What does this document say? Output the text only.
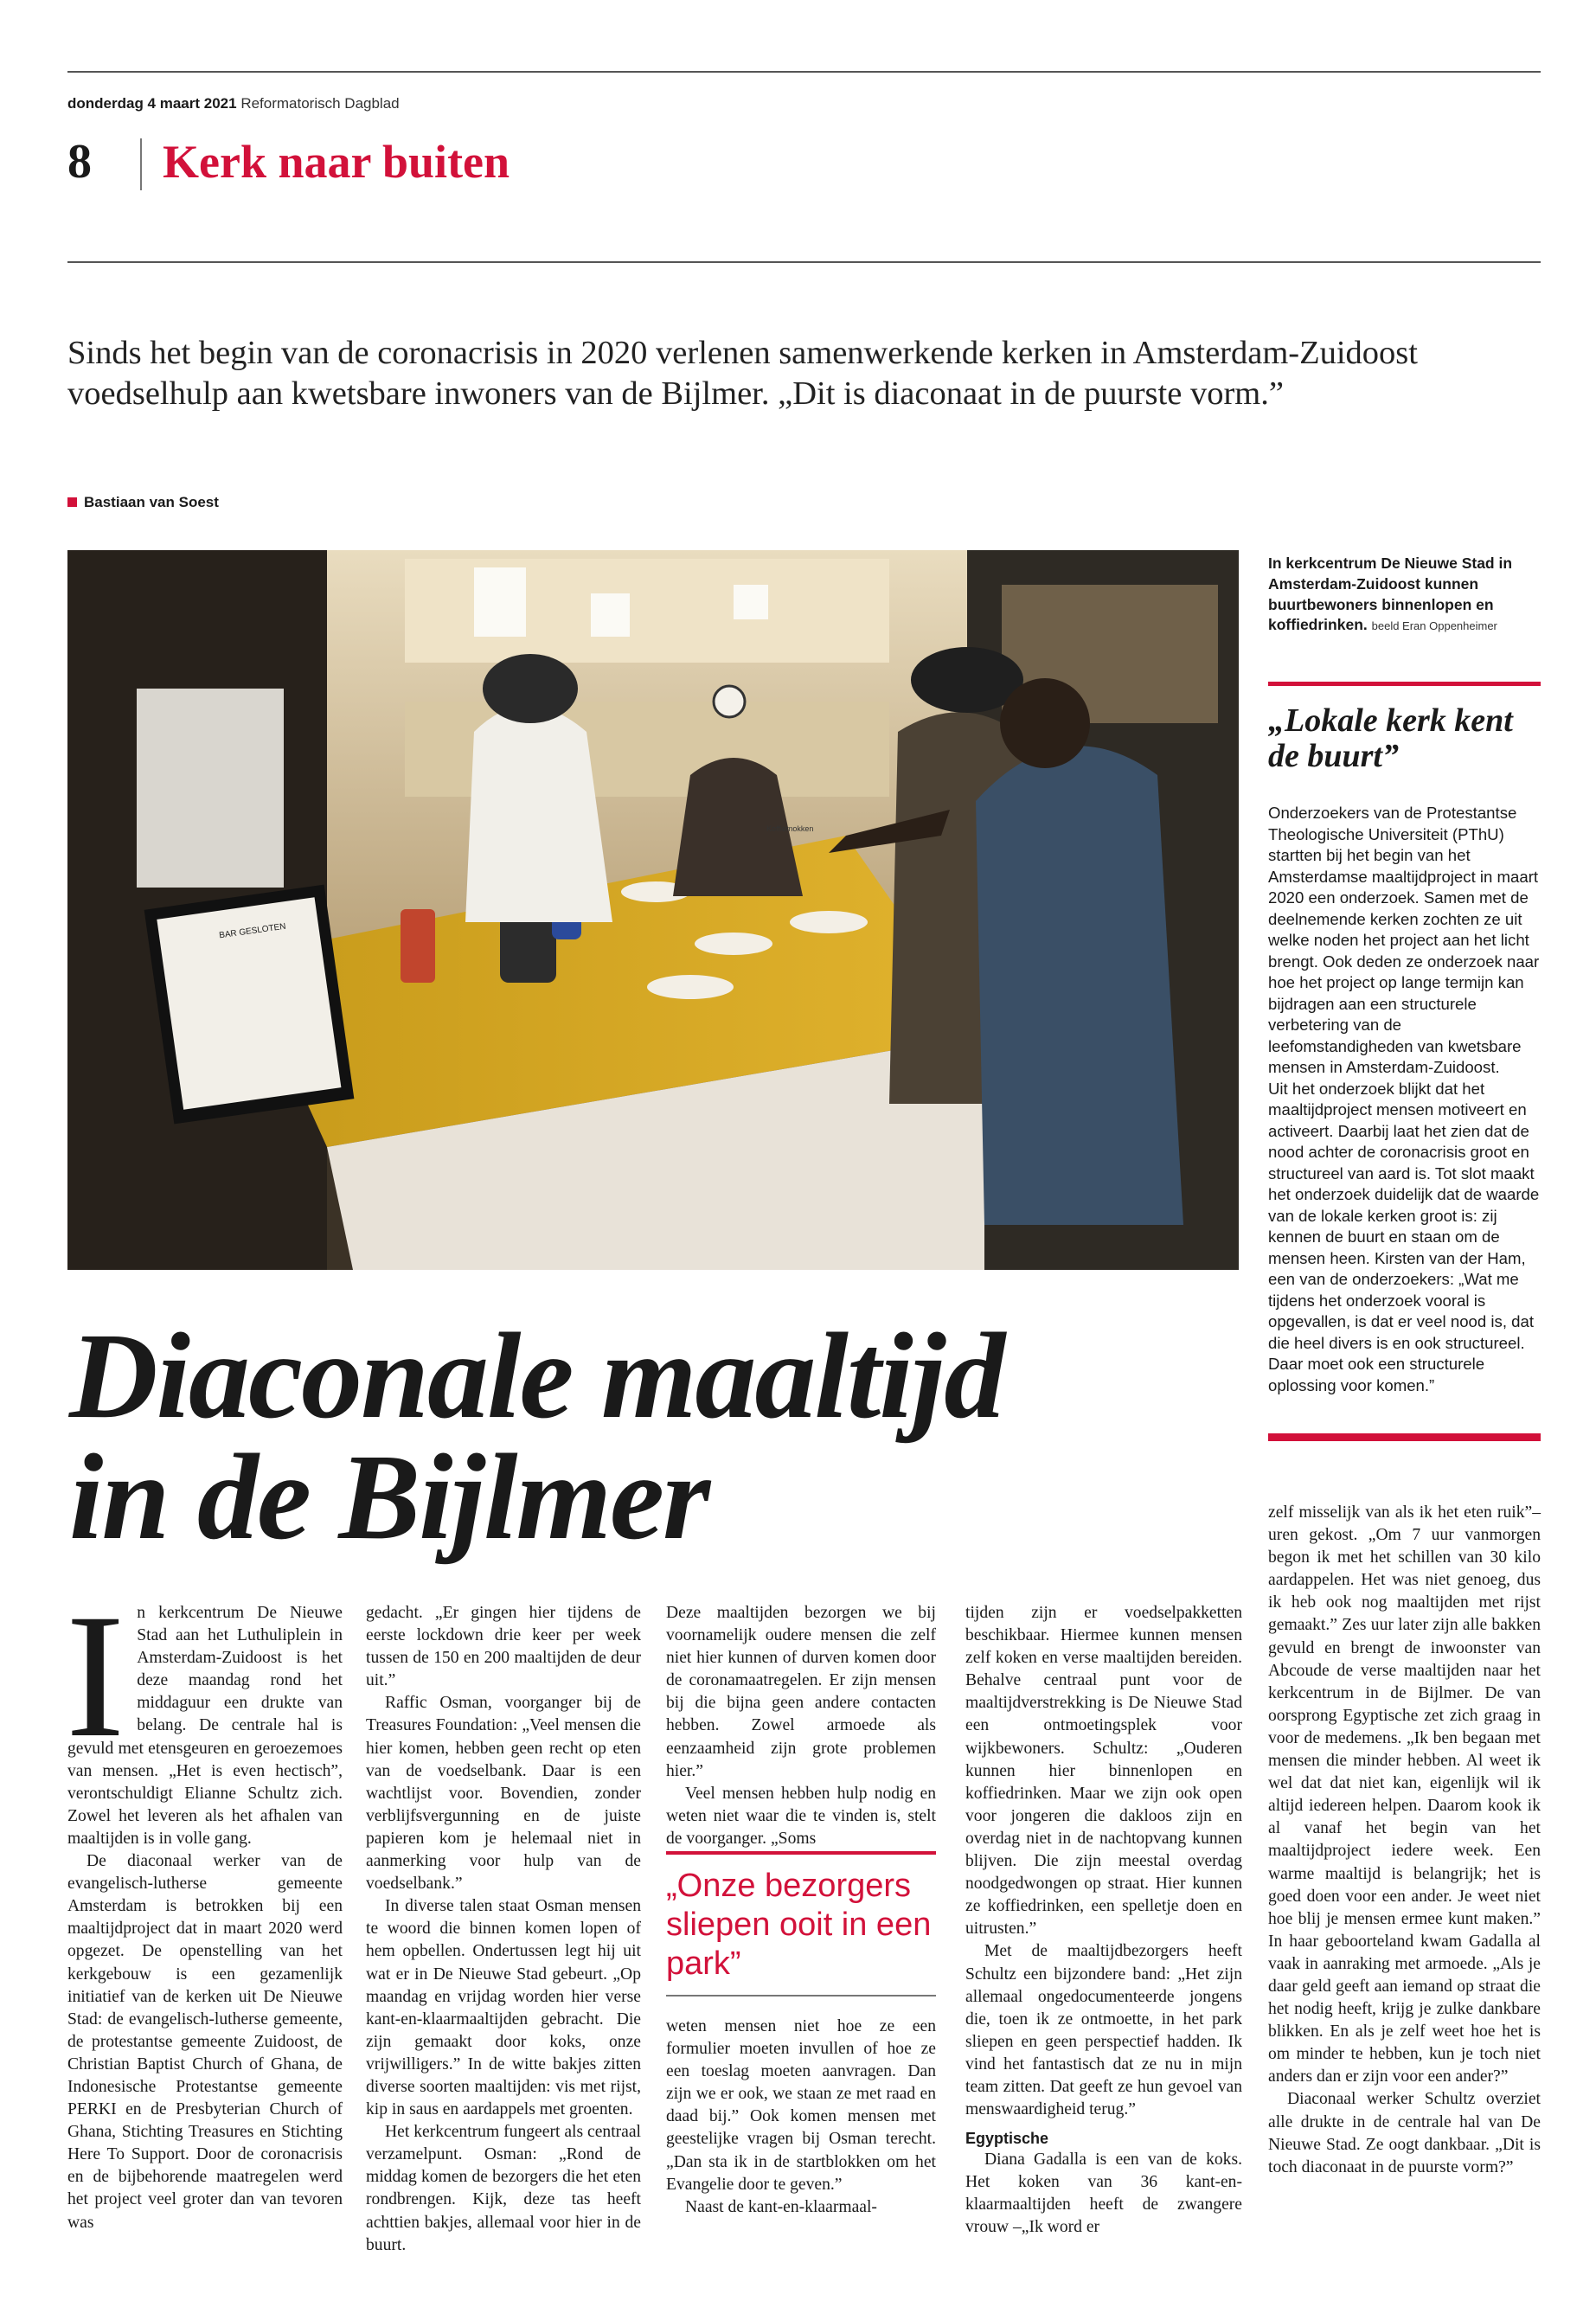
donderdag 4 maart 2021 Reformatorisch Dagblad
8 Kerk naar buiten
Sinds het begin van de coronacrisis in 2020 verlenen samenwerkende kerken in Amsterdam-Zuidoost voedselhulp aan kwetsbare inwoners van de Bijlmer. „Dit is diaconaat in de puurste vorm.”
Bastiaan van Soest
BAR GESLOTEN
Koffiemokken
In kerkcentrum De Nieuwe Stad in Amsterdam-Zuidoost kunnen buurtbewoners binnenlopen en koffiedrinken. beeld Eran Oppenheimer
„Lokale kerk kent de buurt”

Onderzoekers van de Protestantse Theologische Universiteit (PThU) startten bij het begin van het Amsterdamse maaltijdproject in maart 2020 een onderzoek. Samen met de deelnemende kerken zochten ze uit welke noden het project aan het licht brengt. Ook deden ze onderzoek naar hoe het project op lange termijn kan bijdragen aan een structurele verbetering van de leefomstandigheden van kwetsbare mensen in Amsterdam-Zuidoost.

Uit het onderzoek blijkt dat het maaltijdproject mensen motiveert en activeert. Daarbij laat het zien dat de nood achter de coronacrisis groot en structureel van aard is. Tot slot maakt het onderzoek duidelijk dat de waarde van de lokale kerken groot is: zij kennen de buurt en staan om de mensen heen. Kirsten van der Ham, een van de onderzoekers: „Wat me tijdens het onderzoek vooral is opgevallen, is dat er veel nood is, dat die heel divers is en ook structureel. Daar moet ook een structurele oplossing voor komen.”

Diaconale maaltijd
in de Bijlmer
I n kerkcentrum De Nieuwe Stad aan het Luthuliplein in Amsterdam-Zuidoost is het deze maandag rond het middaguur een drukte van belang. De centrale hal is gevuld met etensgeuren en geroezemoes van mensen. „Het is even hectisch”, verontschuldigt Elianne Schultz zich. Zowel het leveren als het afhalen van maaltijden is in volle gang.

De diaconaal werker van de evangelisch-lutherse gemeente Amsterdam is betrokken bij een maaltijdproject dat in maart 2020 werd opgezet. De openstelling van het kerkgebouw is een gezamenlijk initiatief van de kerken uit De Nieuwe Stad: de evangelisch-lutherse gemeente, de protestantse gemeente Zuidoost, de Christian Baptist Church of Ghana, de Indonesische Protestantse gemeente PERKI en de Presbyterian Church of Ghana, Stichting Treasures en Stichting Here To Support. Door de coronacrisis en de bijbehorende maatregelen werd het project veel groter dan van tevoren was

gedacht. „Er gingen hier tijdens de eerste lockdown drie keer per week tussen de 150 en 200 maaltijden de deur uit.”

Raffic Osman, voorganger bij de Treasures Foundation: „Veel mensen die hier komen, hebben geen recht op eten van de voedselbank. Daar is een wachtlijst voor. Bovendien, zonder verblijfsvergunning en de juiste papieren kom je helemaal niet in aanmerking voor hulp van de voedselbank.”

In diverse talen staat Osman mensen te woord die binnen komen lopen of hem opbellen. Ondertussen legt hij uit wat er in De Nieuwe Stad gebeurt. „Op maandag en vrijdag worden hier verse kant-en-klaarmaaltijden gebracht. Die zijn gemaakt door koks, onze vrijwilligers.” In de witte bakjes zitten diverse soorten maaltijden: vis met rijst, kip in saus en aardappels met groenten.

Het kerkcentrum fungeert als centraal verzamelpunt. Osman: „Rond de middag komen de bezorgers die het eten rondbrengen. Kijk, deze tas heeft achttien bakjes, allemaal voor hier in de buurt.

Deze maaltijden bezorgen we bij voornamelijk oudere mensen die zelf niet hier kunnen of durven komen door de coronamaatregelen. Er zijn mensen bij die bijna geen andere contacten hebben. Zowel armoede als eenzaamheid zijn grote problemen hier.”

Veel mensen hebben hulp nodig en weten niet waar die te vinden is, stelt de voorganger. „Soms

„Onze bezorgers sliepen ooit in een park”

weten mensen niet hoe ze een formulier moeten invullen of hoe ze een toeslag moeten aanvragen. Dan zijn we er ook, we staan ze met raad en daad bij.” Ook komen mensen met geestelijke vragen bij Osman terecht. „Dan sta ik in de startblokken om het Evangelie door te geven.”

Naast de kant-en-klaarmaal-

tijden zijn er voedselpakketten beschikbaar. Hiermee kunnen mensen zelf koken en verse maaltijden bereiden. Behalve centraal punt voor de maaltijdverstrekking is De Nieuwe Stad een ontmoetingsplek voor wijkbewoners. Schultz: „Ouderen kunnen hier binnenlopen en koffiedrinken. Maar we zijn ook open voor jongeren die dakloos zijn en overdag niet in de nachtopvang kunnen blijven. Die zijn meestal overdag noodgedwongen op straat. Hier kunnen ze koffiedrinken, een spelletje doen en uitrusten.”

Met de maaltijdbezorgers heeft Schultz een bijzondere band: „Het zijn allemaal ongedocumenteerde jongens die, toen ik ze ontmoette, in het park sliepen en geen perspectief hadden. Ik vind het fantastisch dat ze nu in mijn team zitten. Dat geeft ze hun gevoel van menswaardigheid terug.”

Egyptische

Diana Gadalla is een van de koks. Het koken van 36 kant-en-klaarmaaltijden heeft de zwangere vrouw –„Ik word er

zelf misselijk van als ik het eten ruik”– uren gekost. „Om 7 uur vanmorgen begon ik met het schillen van 30 kilo aardappelen. Het was niet genoeg, dus ik heb ook nog maaltijden met rijst gemaakt.” Zes uur later zijn alle bakken gevuld en brengt de inwoonster van Abcoude de verse maaltijden naar het kerkcentrum in de Bijlmer. De van oorsprong Egyptische zet zich graag in voor de medemens. „Ik ben begaan met mensen die minder hebben. Al weet ik wel dat dat niet kan, eigenlijk wil ik altijd iedereen helpen. Daarom kook ik al vanaf het begin van het maaltijdproject iedere week. Een warme maaltijd is belangrijk; het is goed doen voor een ander. Je weet niet hoe blij je mensen ermee kunt maken.” In haar geboorteland kwam Gadalla al vaak in aanraking met armoede. „Als je daar geld geeft aan iemand op straat die het nodig heeft, krijg je zulke dankbare blikken. En als je zelf weet hoe het is om minder te hebben, kun je toch niet anders dan er zijn voor een ander?”

Diaconaal werker Schultz overziet alle drukte in de centrale hal van De Nieuwe Stad. Ze oogt dankbaar. „Dit is toch diaconaat in de puurste vorm?”
